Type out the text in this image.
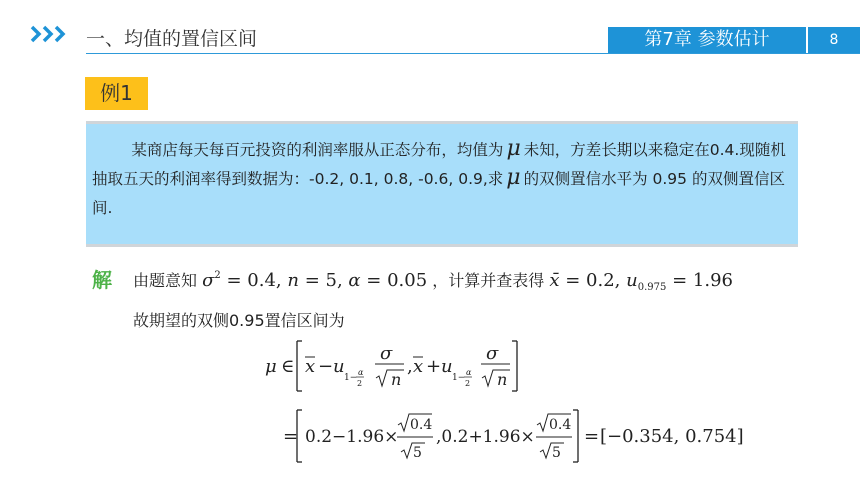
一、均值的置信区间	第7章 参数估计	8
例1
某商店每天每百元投资的利润率服从正态分布，均值为 μ 未知，方差长期以来稳定在0.4.现随机抽取五天的利润率得到数据为：-0.2, 0.1, 0.8, -0.6, 0.9,求 μ 的双侧置信水平为 0.95 的双侧置信区间.
解 由题意知 $\sigma^2 = 0.4$, n = 5, α = 0.05 ，计算并查表得 x̄ = 0.2, $u_{0.975} = 1.96$
故期望的双侧0.95置信区间为
μ ∈ x − u
1−
α
2
σ
n
, x + u
1−
α
2
σ
n
= 0.2−1.96×
0.4
5
,0.2+1.96×
0.4
5
= [−0.354, 0.754]
